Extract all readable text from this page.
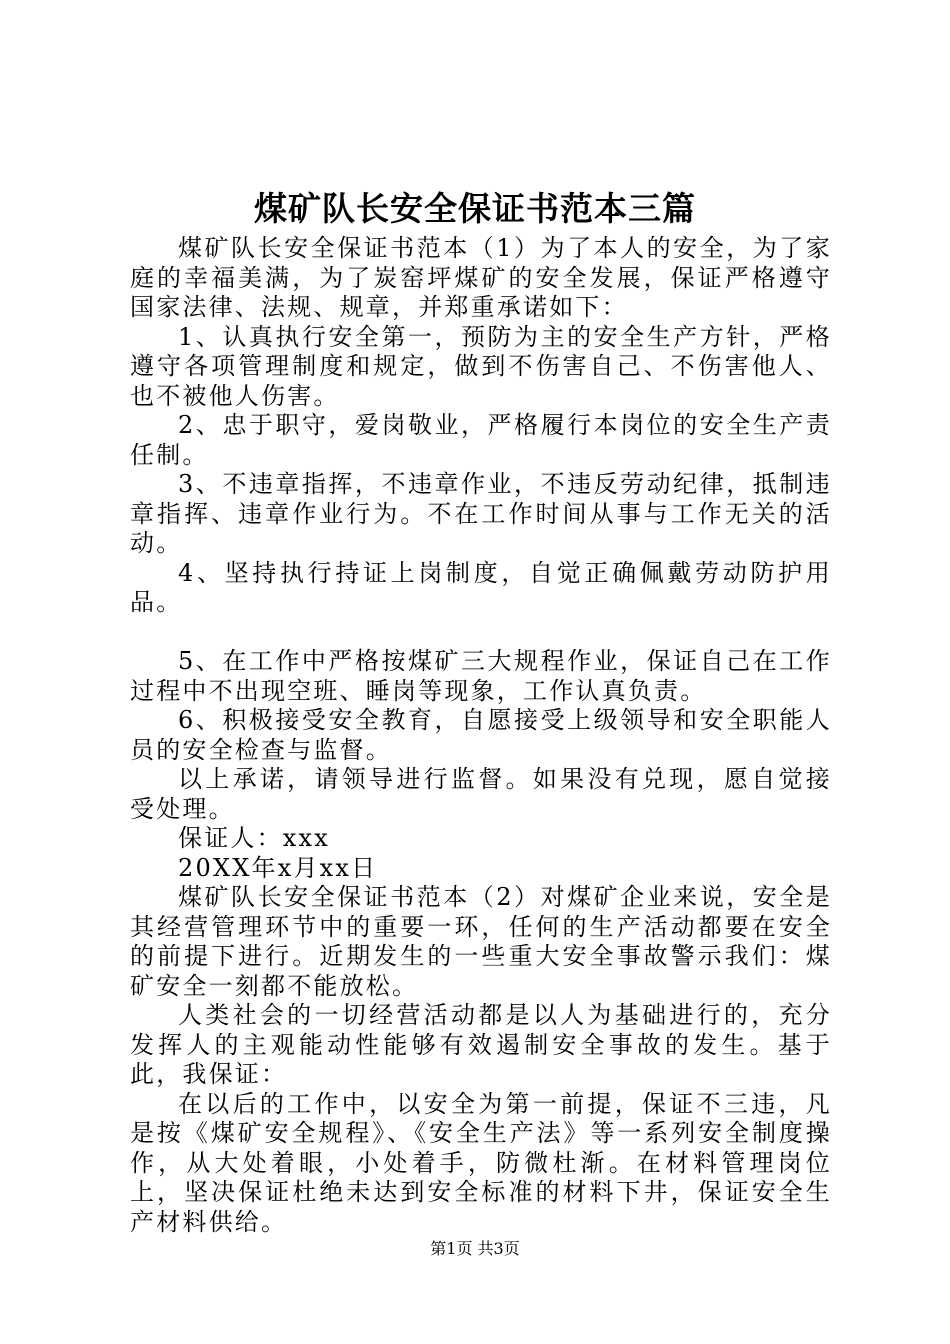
煤矿队长安全保证书范本三篇

煤矿队长安全保证书范本（1）为了本人的安全，为了家庭的幸福美满，为了炭窑坪煤矿的安全发展，保证严格遵守国家法律、法规、规章，并郑重承诺如下：

1、认真执行安全第一，预防为主的安全生产方针，严格遵守各项管理制度和规定，做到不伤害自己、不伤害他人、也不被他人伤害。

2、忠于职守，爱岗敬业，严格履行本岗位的安全生产责任制。

3、不违章指挥，不违章作业，不违反劳动纪律，抵制违章指挥、违章作业行为。不在工作时间从事与工作无关的活动。

4、坚持执行持证上岗制度，自觉正确佩戴劳动防护用品。

5、在工作中严格按煤矿三大规程作业，保证自己在工作过程中不出现空班、睡岗等现象，工作认真负责。

6、积极接受安全教育，自愿接受上级领导和安全职能人员的安全检查与监督。

以上承诺，请领导进行监督。如果没有兑现，愿自觉接受处理。

保证人：xxx

20XX年x月xx日

煤矿队长安全保证书范本（2）对煤矿企业来说，安全是其经营管理环节中的重要一环，任何的生产活动都要在安全的前提下进行。近期发生的一些重大安全事故警示我们：煤矿安全一刻都不能放松。

人类社会的一切经营活动都是以人为基础进行的，充分发挥人的主观能动性能够有效遏制安全事故的发生。基于此，我保证：

在以后的工作中，以安全为第一前提，保证不三违，凡是按《煤矿安全规程》、《安全生产法》等一系列安全制度操作，从大处着眼，小处着手，防微杜渐。在材料管理岗位上，坚决保证杜绝未达到安全标准的材料下井，保证安全生产材料供给。

第1页 共3页
